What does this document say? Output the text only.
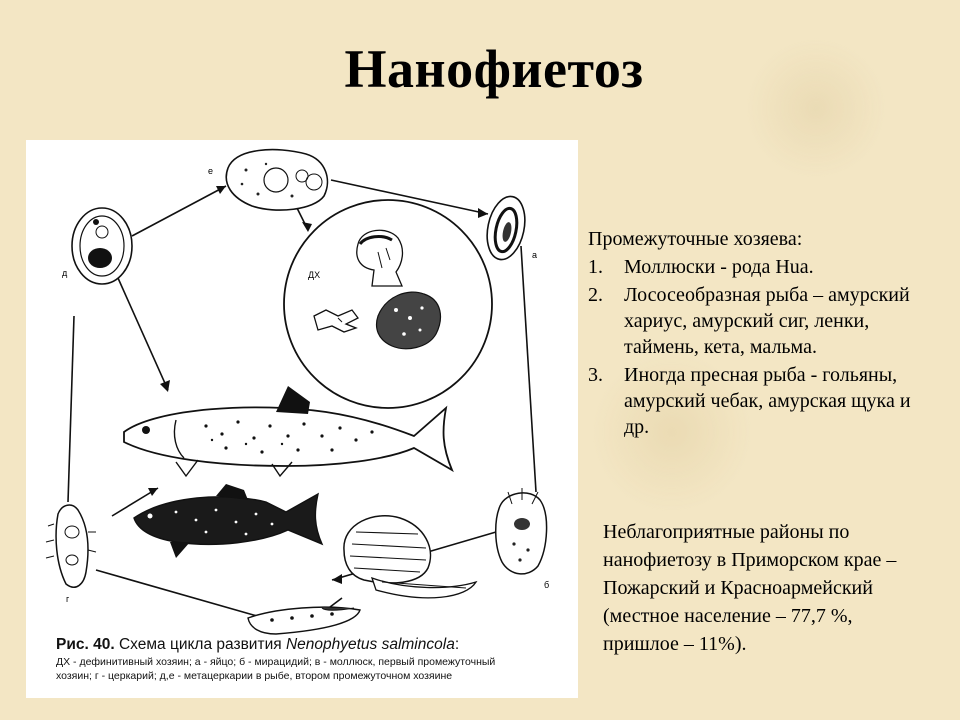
Нанофиетоз
е
д
а
ДХ
г
б
Рис. 40. Схема цикла развития Nenophyetus salmincola:
ДХ - дефинитивный хозяин; а - яйцо; б - мирацидий; в - моллюск, первый промежуточный
хозяин; г - церкарий; д,е - метацеркарии в рыбе, втором промежуточном хозяине
Промежуточные хозяева:
1. Моллюски - рода Hua.
2. Лососеобразная рыба – амурский хариус, амурский сиг, ленки, таймень, кета, мальма.
3. Иногда пресная рыба - гольяны, амурский чебак, амурская щука и др.
Неблагоприятные районы по нанофиетозу в Приморском крае – Пожарский и Красноармейский (местное население – 77,7 %, пришлое – 11%).
